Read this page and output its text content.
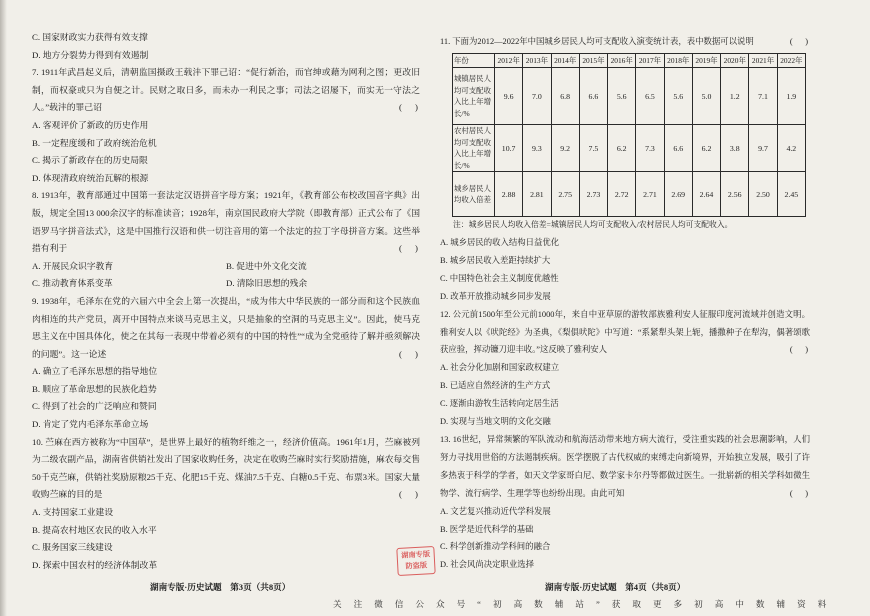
C. 国家财政实力获得有效支撑
D. 地方分裂势力得到有效遏制
7. 1911年武昌起义后，清朝监国摄政王载沣下罪己诏：“促行新治，而官绅或藉为网利之图；更改旧制，而权豪或只为自便之计。民财之取日多，而未办一利民之事；司法之诏屡下，而实无一守法之人。”载沣的罪己诏	(      )
A. 客观评价了新政的历史作用
B. 一定程度缓和了政府统治危机
C. 揭示了新政存在的历史局限
D. 体现清政府统治瓦解的根源
8. 1913年，教育部通过中国第一套法定汉语拼音字母方案；1921年，《教育部公布校改国音字典》出版，规定全国13 000余汉字的标准读音；1928年，南京国民政府大学院（即教育部）正式公布了《国语罗马字拼音法式》，这是中国推行汉语和供一切注音用的第一个法定的拉丁字母拼音方案。这些举措有利于	(      )
A. 开展民众识字教育	B. 促进中外文化交流
C. 推动教育体系变革	D. 清除旧思想的残余
9. 1938年，毛泽东在党的六届六中全会上第一次提出，“成为伟大中华民族的一部分而和这个民族血肉相连的共产党员，离开中国特点来谈马克思主义，只是抽象的空洞的马克思主义”。因此，使马克思主义在中国具体化，使之在其每一表现中带着必须有的中国的特性”“成为全党亟待了解并亟须解决的问题”。这一论述	(      )
A. 确立了毛泽东思想的指导地位
B. 顺应了革命思想的民族化趋势
C. 得到了社会的广泛响应和赞同
D. 肯定了党内毛泽东革命立场
10. 苎麻在西方被称为“中国草”，是世界上最好的植物纤维之一，经济价值高。1961年1月，苎麻被列为二级农副产品，湖南省供销社发出了国家收购任务，决定在收购苎麻时实行奖励措施，麻农每交售50千克苎麻，供销社奖励原粮25千克、化肥15千克、煤油7.5千克、白糖0.5千克、布票3米。国家大量收购苎麻的目的是	(      )
A. 支持国家工业建设
B. 提高农村地区农民的收入水平
C. 服务国家三线建设
D. 探索中国农村的经济体制改革
湖南专版·历史试题　第3页（共8页）
湖南专版
防盗版
11. 下面为2012—2022年中国城乡居民人均可支配收入演变统计表，表中数据可以说明	(      )
年份	2012年	2013年	2014年	2015年	2016年	2017年	2018年	2019年	2020年	2021年	2022年
城镇居民人均可支配收入比上年增长/%	9.6	7.0	6.8	6.6	5.6	6.5	5.6	5.0	1.2	7.1	1.9
农村居民人均可支配收入比上年增长/%	10.7	9.3	9.2	7.5	6.2	7.3	6.6	6.2	3.8	9.7	4.2
城乡居民人均收入倍差	2.88	2.81	2.75	2.73	2.72	2.71	2.69	2.64	2.56	2.50	2.45
注：城乡居民人均收入倍差=城镇居民人均可支配收入/农村居民人均可支配收入。
A. 城乡居民的收入结构日益优化
B. 城乡居民收入差距持续扩大
C. 中国特色社会主义制度优越性
D. 改革开放推动城乡同步发展
12. 公元前1500年至公元前1000年，来自中亚草原的游牧部族雅利安人征服印度河流域并创造文明。雅利安人以《吠陀经》为圣典，《梨俱吠陀》中写道：“系紧犁头架上轭，播撒种子在犁沟，偶著颂歌获应验，挥动镰刀迎丰收。”这反映了雅利安人	(      )
A. 社会分化加剧和国家政权建立
B. 已适应自然经济的生产方式
C. 逐渐由游牧生活转向定居生活
D. 实现与当地文明的文化交融
13. 16世纪，异常频繁的军队流动和航海活动带来地方病大流行，受注重实践的社会思潮影响，人们努力寻找用世俗的方法遏制疾病。医学摆脱了古代权威的束缚走向新境界，开始独立发展，吸引了许多热衷于科学的学者，如天文学家哥白尼、数学家卡尔丹等都做过医生。一批崭新的相关学科如微生物学、流行病学、生理学等也纷纷出现。由此可知	(      )
A. 文艺复兴推动近代学科发展
B. 医学是近代科学的基础
C. 科学创新推动学科间的融合
D. 社会风尚决定职业选择
湖南专版·历史试题　第4页（共8页）
关注微信公众号“初高数辅站”获取更多初高中数辅资料
